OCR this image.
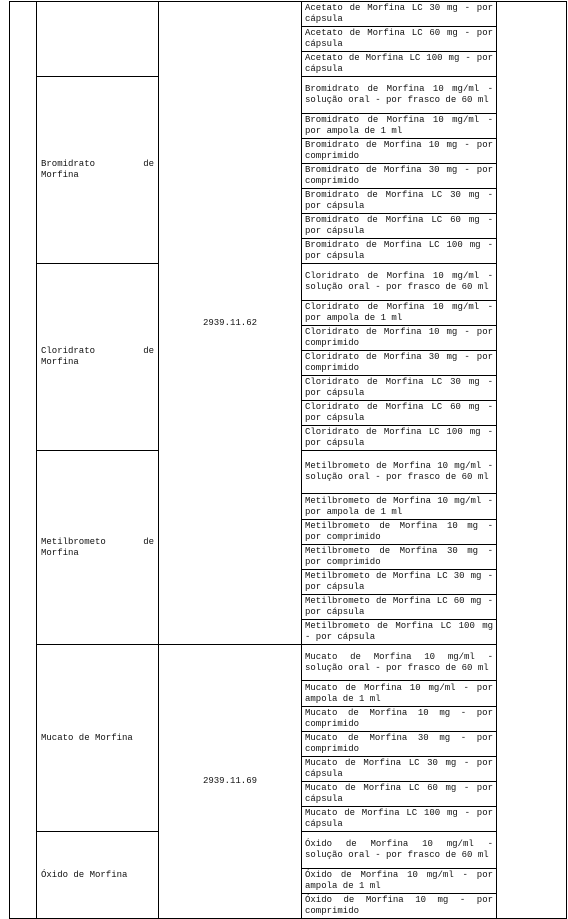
		2939.11.62	Acetato de Morfina LC 30 mg - por cápsula	
			Acetato de Morfina LC 60 mg - por cápsula	
			Acetato de Morfina LC 100 mg - por cápsula	
	Bromidrato de Morfina		Bromidrato de Morfina 10 mg/ml - solução oral - por frasco de 60 ml	
			Bromidrato de Morfina 10 mg/ml - por ampola de 1 ml	
			Bromidrato de Morfina 10 mg - por comprimido	
			Bromidrato de Morfina 30 mg - por comprimido	
			Bromidrato de Morfina LC 30 mg - por cápsula	
			Bromidrato de Morfina LC 60 mg - por cápsula	
			Bromidrato de Morfina LC 100 mg - por cápsula	
	Cloridrato de Morfina		Cloridrato de Morfina 10 mg/ml - solução oral - por frasco de 60 ml	
			Cloridrato de Morfina 10 mg/ml - por ampola de 1 ml	
			Cloridrato de Morfina 10 mg - por comprimido	
			Cloridrato de Morfina 30 mg - por comprimido	
			Cloridrato de Morfina LC 30 mg - por cápsula	
			Cloridrato de Morfina LC 60 mg - por cápsula	
			Cloridrato de Morfina LC 100 mg - por cápsula	
	Metilbrometo de Morfina		Metilbrometo de Morfina 10 mg/ml - solução oral - por frasco de 60 ml	
			Metilbrometo de Morfina 10 mg/ml - por ampola de 1 ml	
			Metilbrometo de Morfina 10 mg - por comprimido	
			Metilbrometo de Morfina 30 mg - por comprimido	
			Metilbrometo de Morfina LC 30 mg - por cápsula	
			Metilbrometo de Morfina LC 60 mg - por cápsula	
			Metilbrometo de Morfina LC 100 mg - por cápsula	
	Mucato de Morfina	2939.11.69	Mucato de Morfina 10 mg/ml - solução oral - por frasco de 60 ml	
			Mucato de Morfina 10 mg/ml - por ampola de 1 ml	
			Mucato de Morfina 10 mg - por comprimido	
			Mucato de Morfina 30 mg - por comprimido	
			Mucato de Morfina LC 30 mg - por cápsula	
			Mucato de Morfina LC 60 mg - por cápsula	
			Mucato de Morfina LC 100 mg - por cápsula	
	Óxido de Morfina		Óxido de Morfina 10 mg/ml - solução oral - por frasco de 60 ml	
			Óxido de Morfina 10 mg/ml - por ampola de 1 ml	
			Óxido de Morfina 10 mg - por comprimido	
